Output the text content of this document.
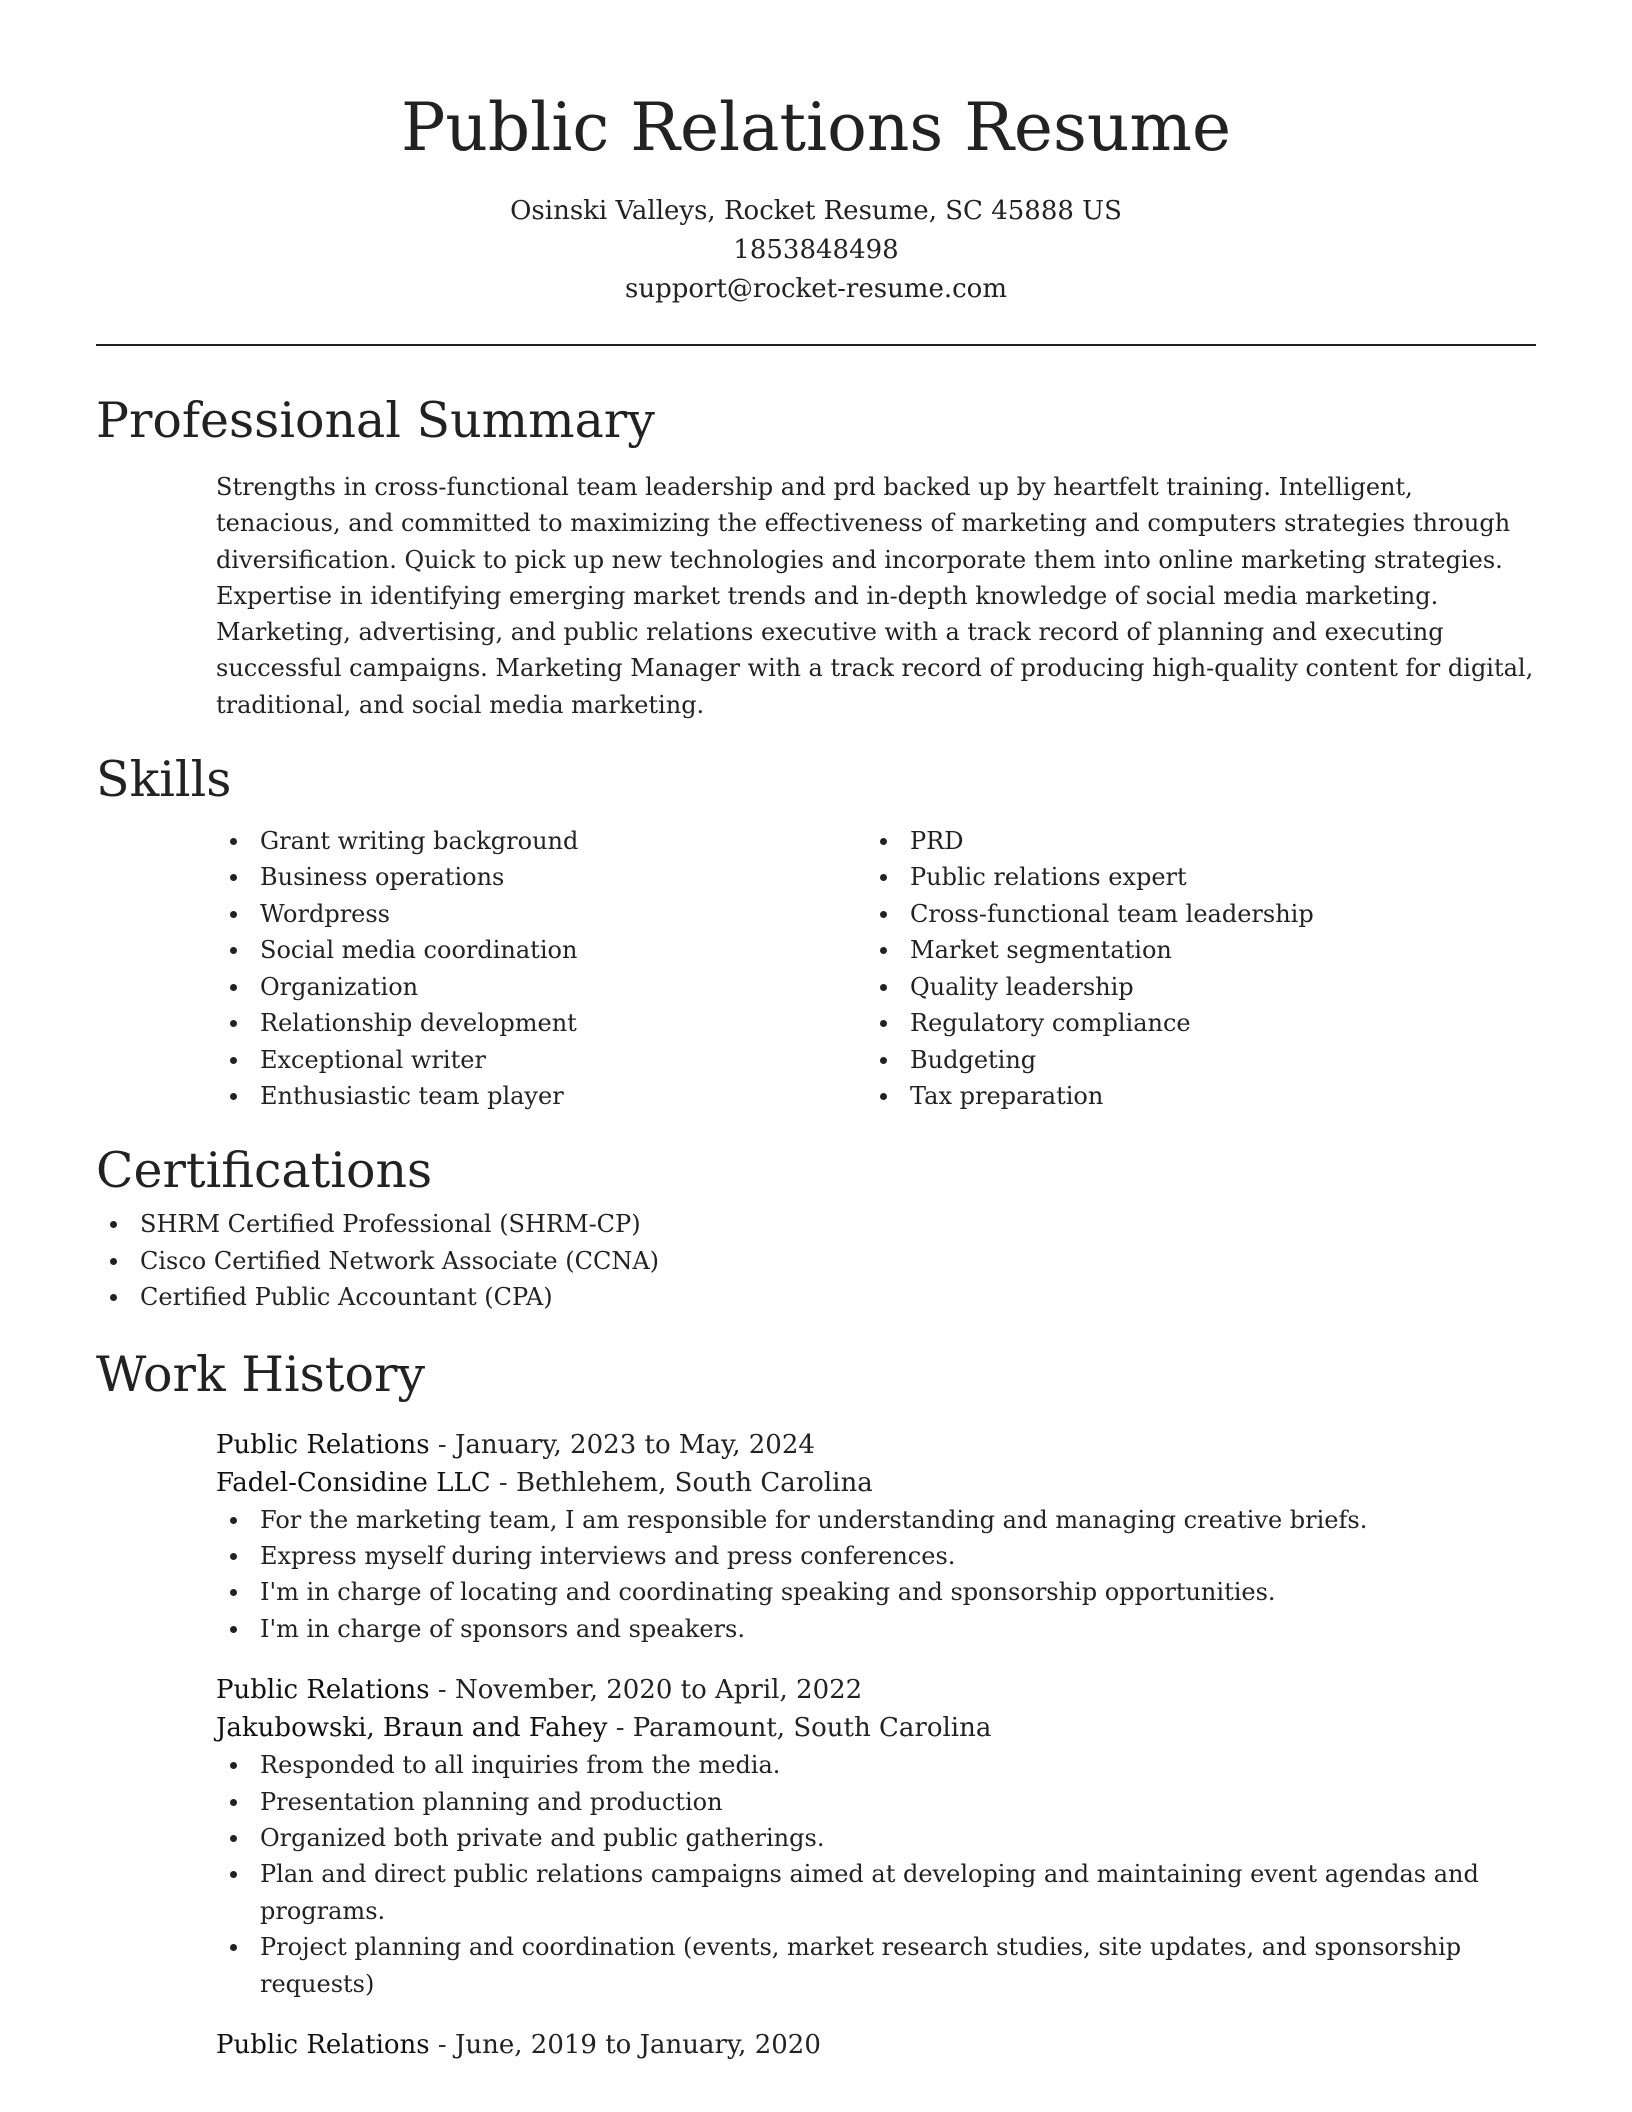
Public Relations Resume
Osinski Valleys, Rocket Resume, SC 45888 US
1853848498
support@rocket-resume.com
Professional Summary

Strengths in cross-functional team leadership and prd backed up by heartfelt training. Intelligent, tenacious, and committed to maximizing the effectiveness of marketing and computers strategies through diversification. Quick to pick up new technologies and incorporate them into online marketing strategies. Expertise in identifying emerging market trends and in-depth knowledge of social media marketing. Marketing, advertising, and public relations executive with a track record of planning and executing successful campaigns. Marketing Manager with a track record of producing high-quality content for digital, traditional, and social media marketing.

Skills
Grant writing background
Business operations
Wordpress
Social media coordination
Organization
Relationship development
Exceptional writer
Enthusiastic team player
PRD
Public relations expert
Cross-functional team leadership
Market segmentation
Quality leadership
Regulatory compliance
Budgeting
Tax preparation
Certifications
SHRM Certified Professional (SHRM-CP)
Cisco Certified Network Associate (CCNA)
Certified Public Accountant (CPA)
Work History
Public Relations - January, 2023 to May, 2024
Fadel-Considine LLC - Bethlehem, South Carolina
For the marketing team, I am responsible for understanding and managing creative briefs.
Express myself during interviews and press conferences.
I'm in charge of locating and coordinating speaking and sponsorship opportunities.
I'm in charge of sponsors and speakers.
Public Relations - November, 2020 to April, 2022
Jakubowski, Braun and Fahey - Paramount, South Carolina
Responded to all inquiries from the media.
Presentation planning and production
Organized both private and public gatherings.
Plan and direct public relations campaigns aimed at developing and maintaining event agendas and programs.
Project planning and coordination (events, market research studies, site updates, and sponsorship requests)
Public Relations - June, 2019 to January, 2020
